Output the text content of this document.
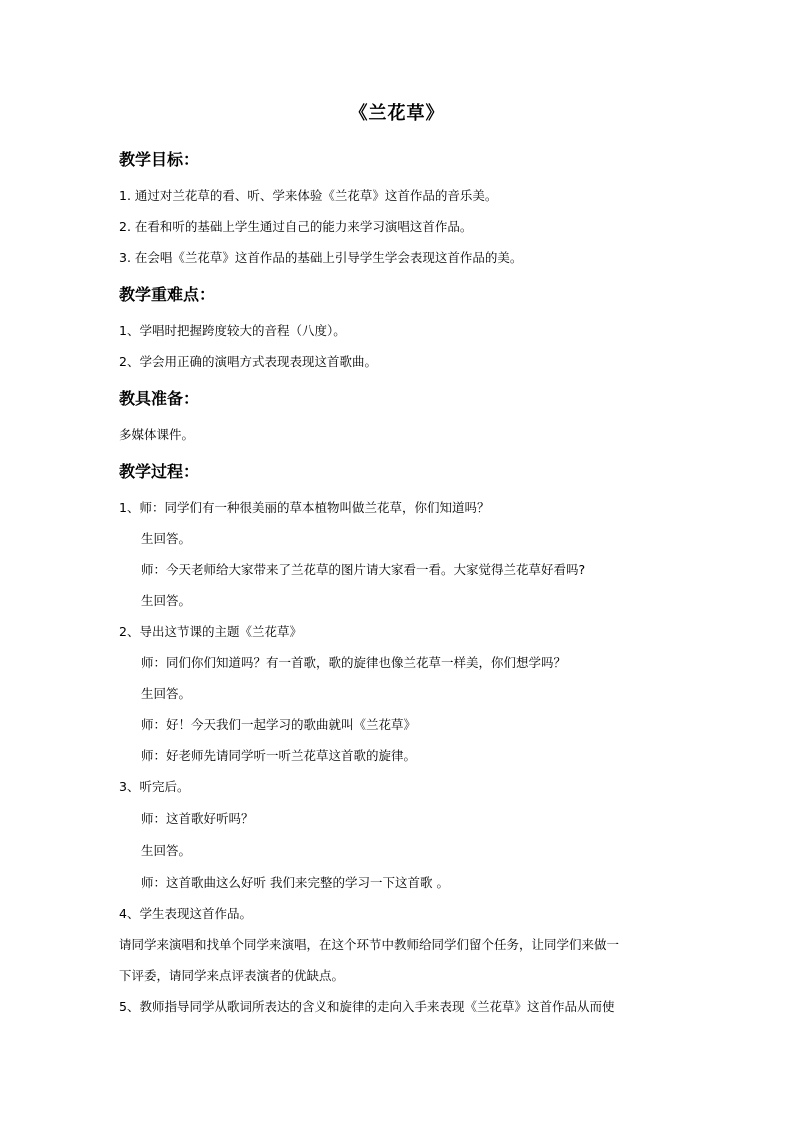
《兰花草》
教学目标：
1. 通过对兰花草的看、听、学来体验《兰花草》这首作品的音乐美。
2. 在看和听的基础上学生通过自己的能力来学习演唱这首作品。
3. 在会唱《兰花草》这首作品的基础上引导学生学会表现这首作品的美。
教学重难点：
1、学唱时把握跨度较大的音程（八度）。
2、学会用正确的演唱方式表现表现这首歌曲。
教具准备：
多媒体课件。
教学过程：
1、师：同学们有一种很美丽的草本植物叫做兰花草，你们知道吗？
生回答。
师：今天老师给大家带来了兰花草的图片请大家看一看。大家觉得兰花草好看吗?
生回答。
2、导出这节课的主题《兰花草》
师：同们你们知道吗？有一首歌，歌的旋律也像兰花草一样美，你们想学吗？
生回答。
师：好！今天我们一起学习的歌曲就叫《兰花草》
师：好老师先请同学听一听兰花草这首歌的旋律。
3、听完后。
师：这首歌好听吗？
生回答。
师：这首歌曲这么好听 我们来完整的学习一下这首歌 。
4、学生表现这首作品。
请同学来演唱和找单个同学来演唱，在这个环节中教师给同学们留个任务，让同学们来做一
下评委，请同学来点评表演者的优缺点。
5、教师指导同学从歌词所表达的含义和旋律的走向入手来表现《兰花草》这首作品从而使
